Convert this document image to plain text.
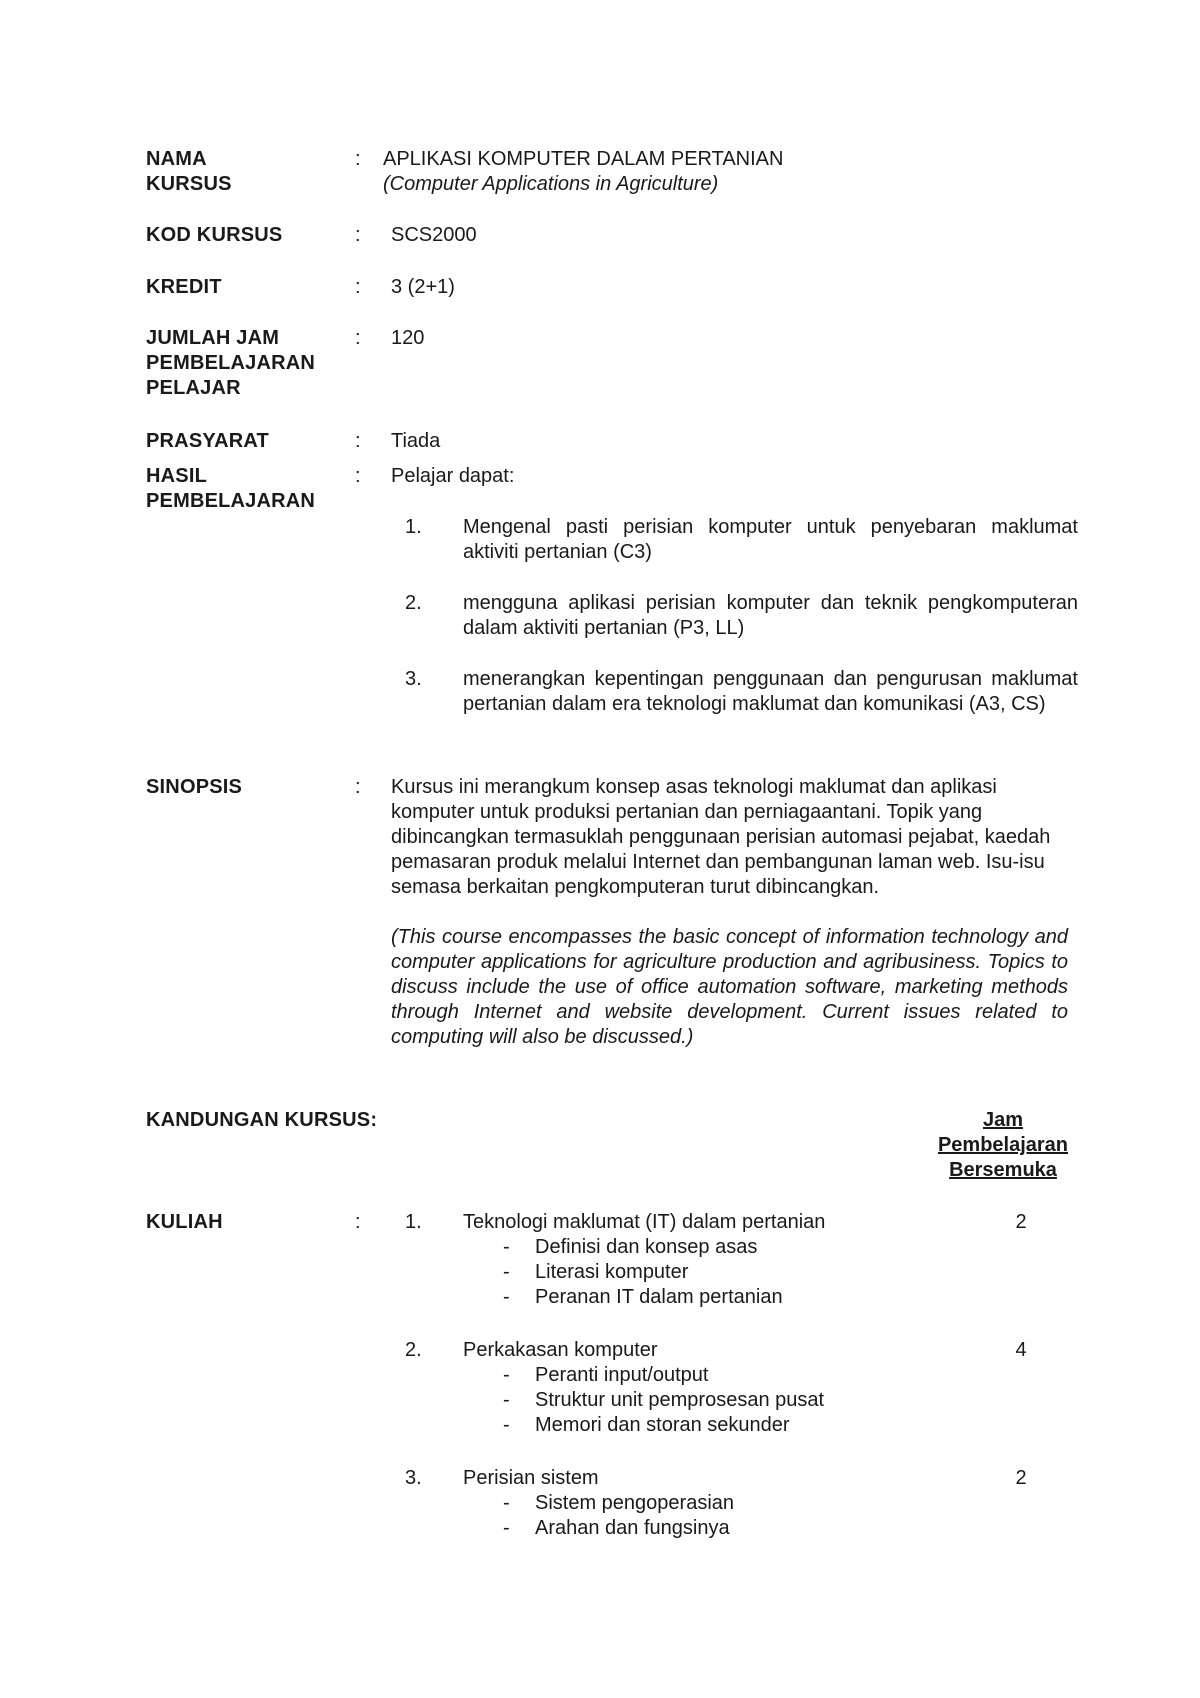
NAMA
KURSUS
: APLIKASI KOMPUTER DALAM PERTANIAN
(Computer Applications in Agriculture)
KOD KURSUS	: SCS2000
KREDIT	: 3 (2+1)
JUMLAH JAM
PEMBELAJARAN
PELAJAR
: 120
PRASYARAT	: Tiada
HASIL
PEMBELAJARAN
: Pelajar dapat:
1. Mengenal pasti perisian komputer untuk penyebaran maklumat aktiviti pertanian (C3)
2. mengguna aplikasi perisian komputer dan teknik pengkomputeran dalam aktiviti pertanian (P3, LL)
3. menerangkan kepentingan penggunaan dan pengurusan maklumat pertanian dalam era teknologi maklumat dan komunikasi (A3, CS)
SINOPSIS	: Kursus ini merangkum konsep asas teknologi maklumat dan aplikasi komputer untuk produksi pertanian dan perniagaantani. Topik yang dibincangkan termasuklah penggunaan perisian automasi pejabat, kaedah pemasaran produk melalui Internet dan pembangunan laman web. Isu-isu semasa berkaitan pengkomputeran turut dibincangkan.
(This course encompasses the basic concept of information technology and computer applications for agriculture production and agribusiness. Topics to discuss include the use of office automation software, marketing methods through Internet and website development. Current issues related to computing will also be discussed.)
KANDUNGAN KURSUS:	Jam
Pembelajaran
Bersemuka
KULIAH	: 1. Teknologi maklumat (IT) dalam pertanian	2
- Definisi dan konsep asas
- Literasi komputer
- Peranan IT dalam pertanian
2. Perkakasan komputer	4
- Peranti input/output
- Struktur unit pemprosesan pusat
- Memori dan storan sekunder
3. Perisian sistem	2
- Sistem pengoperasian
- Arahan dan fungsinya
